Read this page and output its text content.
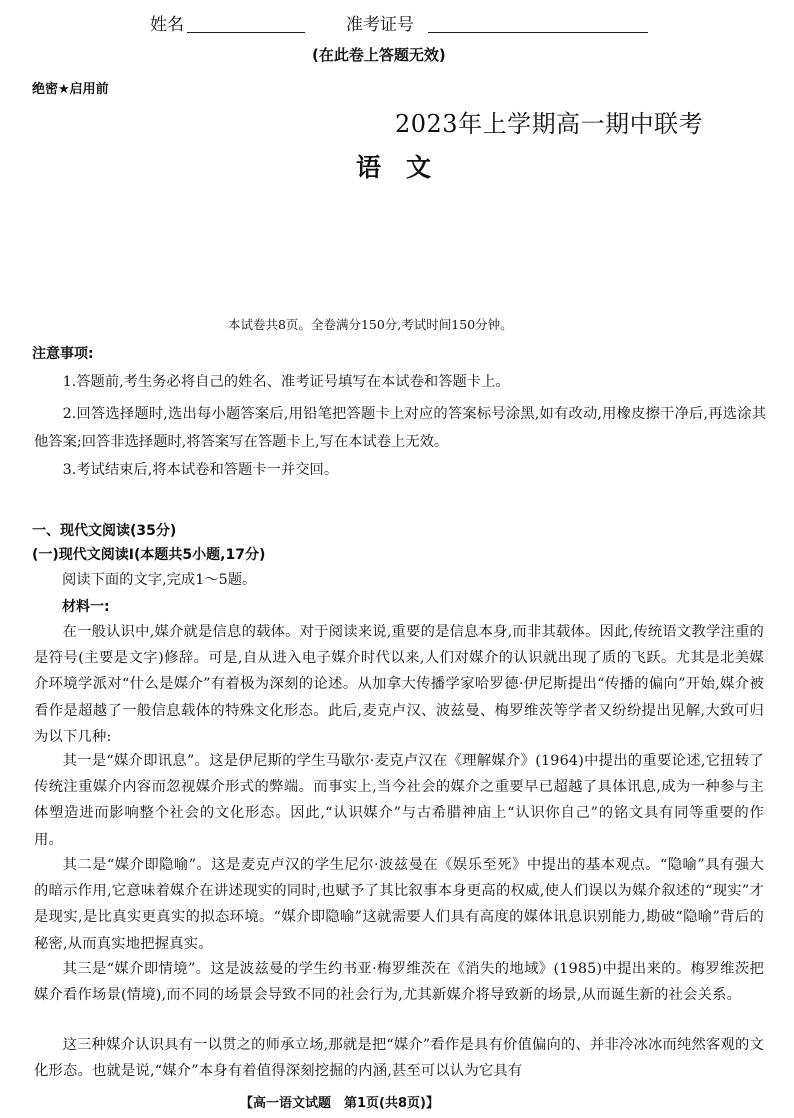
姓名	准考证号
(在此卷上答题无效)
绝密★启用前
2023年上学期高一期中联考
语　文
本试卷共8页。全卷满分150分,考试时间150分钟。
注意事项:
1.答题前,考生务必将自己的姓名、准考证号填写在本试卷和答题卡上。
2.回答选择题时,选出每小题答案后,用铅笔把答题卡上对应的答案标号涂黑,如有改动,用橡皮擦干净后,再选涂其他答案;回答非选择题时,将答案写在答题卡上,写在本试卷上无效。
3.考试结束后,将本试卷和答题卡一并交回。
一、现代文阅读(35分)
(一)现代文阅读Ⅰ(本题共5小题,17分)
阅读下面的文字,完成1～5题。
材料一:
在一般认识中,媒介就是信息的载体。对于阅读来说,重要的是信息本身,而非其载体。因此,传统语文教学注重的是符号(主要是文字)修辞。可是,自从进入电子媒介时代以来,人们对媒介的认识就出现了质的飞跃。尤其是北美媒介环境学派对“什么是媒介”有着极为深刻的论述。从加拿大传播学家哈罗德·伊尼斯提出“传播的偏向”开始,媒介被看作是超越了一般信息载体的特殊文化形态。此后,麦克卢汉、波兹曼、梅罗维茨等学者又纷纷提出见解,大致可归为以下几种:
其一是“媒介即讯息”。这是伊尼斯的学生马歇尔·麦克卢汉在《理解媒介》(1964)中提出的重要论述,它扭转了传统注重媒介内容而忽视媒介形式的弊端。而事实上,当今社会的媒介之重要早已超越了具体讯息,成为一种参与主体塑造进而影响整个社会的文化形态。因此,“认识媒介”与古希腊神庙上“认识你自己”的铭文具有同等重要的作用。
其二是“媒介即隐喻”。这是麦克卢汉的学生尼尔·波兹曼在《娱乐至死》中提出的基本观点。“隐喻”具有强大的暗示作用,它意味着媒介在讲述现实的同时,也赋予了其比叙事本身更高的权威,使人们误以为媒介叙述的“现实”才是现实,是比真实更真实的拟态环境。“媒介即隐喻”这就需要人们具有高度的媒体讯息识别能力,勘破“隐喻”背后的秘密,从而真实地把握真实。
其三是“媒介即情境”。这是波兹曼的学生约书亚·梅罗维茨在《消失的地域》(1985)中提出来的。梅罗维茨把媒介看作场景(情境),而不同的场景会导致不同的社会行为,尤其新媒介将导致新的场景,从而诞生新的社会关系。
这三种媒介认识具有一以贯之的师承立场,那就是把“媒介”看作是具有价值偏向的、并非冷冰冰而纯然客观的文化形态。也就是说,“媒介”本身有着值得深刻挖掘的内涵,甚至可以认为它具有
【高一语文试题　第1页(共8页)】
